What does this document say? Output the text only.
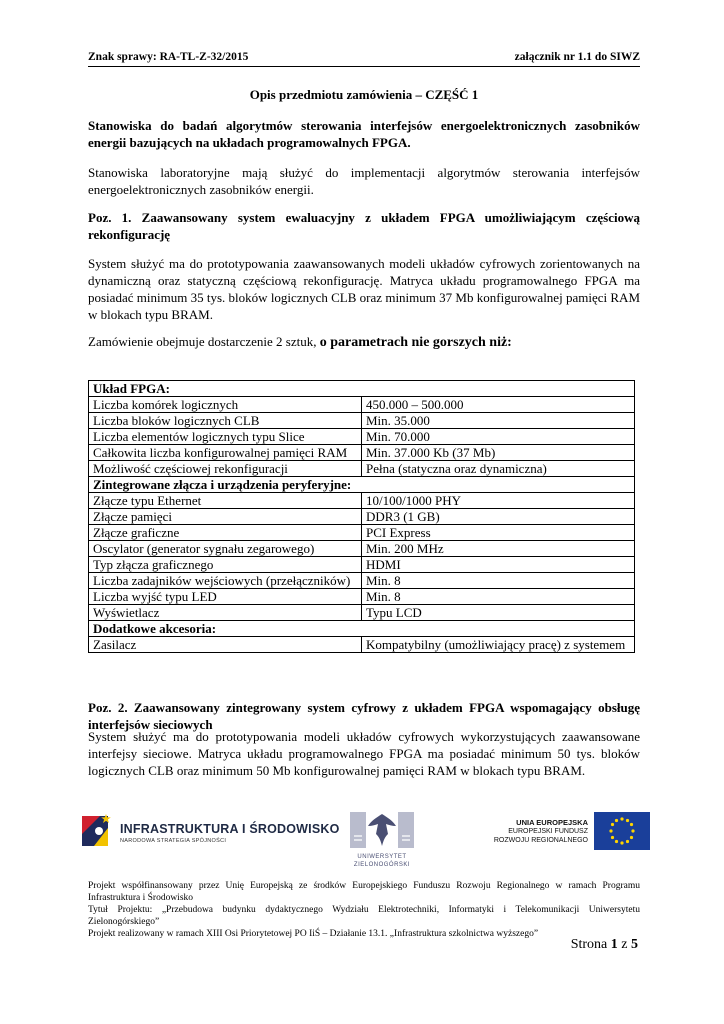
Znak sprawy: RA-TL-Z-32/2015	załącznik nr 1.1 do SIWZ
Opis przedmiotu zamówienia – CZĘŚĆ 1
Stanowiska do badań algorytmów sterowania interfejsów energoelektronicznych zasobników energii bazujących na układach programowalnych FPGA.
Stanowiska laboratoryjne mają służyć do implementacji algorytmów sterowania interfejsów energoelektronicznych zasobników energii.
Poz. 1. Zaawansowany system ewaluacyjny z układem FPGA umożliwiającym częściową rekonfigurację
System służyć ma do prototypowania zaawansowanych modeli układów cyfrowych zorientowanych na dynamiczną oraz statyczną częściową rekonfigurację. Matryca układu programowalnego FPGA ma posiadać minimum 35 tys. bloków logicznych CLB oraz minimum 37 Mb konfigurowalnej pamięci RAM w blokach typu BRAM.
Zamówienie obejmuje dostarczenie 2 sztuk, o parametrach nie gorszych niż:
Układ FPGA:	
Liczba komórek logicznych	450.000 – 500.000
Liczba bloków logicznych CLB	Min. 35.000
Liczba elementów logicznych typu Slice	Min. 70.000
Całkowita liczba konfigurowalnej pamięci RAM	Min. 37.000 Kb (37 Mb)
Możliwość częściowej rekonfiguracji	Pełna (statyczna oraz dynamiczna)
Zintegrowane złącza i urządzenia peryferyjne:	
Złącze typu Ethernet	10/100/1000 PHY
Złącze pamięci	DDR3 (1 GB)
Złącze graficzne	PCI Express
Oscylator (generator sygnału zegarowego)	Min. 200 MHz
Typ złącza graficznego	HDMI
Liczba zadajników wejściowych (przełączników)	Min. 8
Liczba wyjść typu LED	Min. 8
Wyświetlacz	Typu LCD
Dodatkowe akcesoria:	
Zasilacz	Kompatybilny (umożliwiający pracę) z systemem
Poz. 2. Zaawansowany zintegrowany system cyfrowy z układem FPGA wspomagający obsługę interfejsów sieciowych
System służyć ma do prototypowania modeli układów cyfrowych wykorzystujących zaawansowane interfejsy sieciowe. Matryca układu programowalnego FPGA ma posiadać minimum 50 tys. bloków logicznych CLB oraz minimum 50 Mb konfigurowalnej pamięci RAM w blokach typu BRAM.
INFRASTRUKTURA I ŚRODOWISKO
NARODOWA STRATEGIA SPÓJNOŚCI
UNIWERSYTET
ZIELONOGÓRSKI
UNIA EUROPEJSKA
EUROPEJSKI FUNDUSZ
ROZWOJU REGIONALNEGO
Projekt współfinansowany przez Unię Europejską ze środków Europejskiego Funduszu Rozwoju Regionalnego w ramach Programu Infrastruktura i Środowisko
Tytuł Projektu: „Przebudowa budynku dydaktycznego Wydziału Elektrotechniki, Informatyki i Telekomunikacji Uniwersytetu Zielonogórskiego”
Projekt realizowany w ramach XIII Osi Priorytetowej PO IiŚ – Działanie 13.1. „Infrastruktura szkolnictwa wyższego”
Strona 1 z 5
